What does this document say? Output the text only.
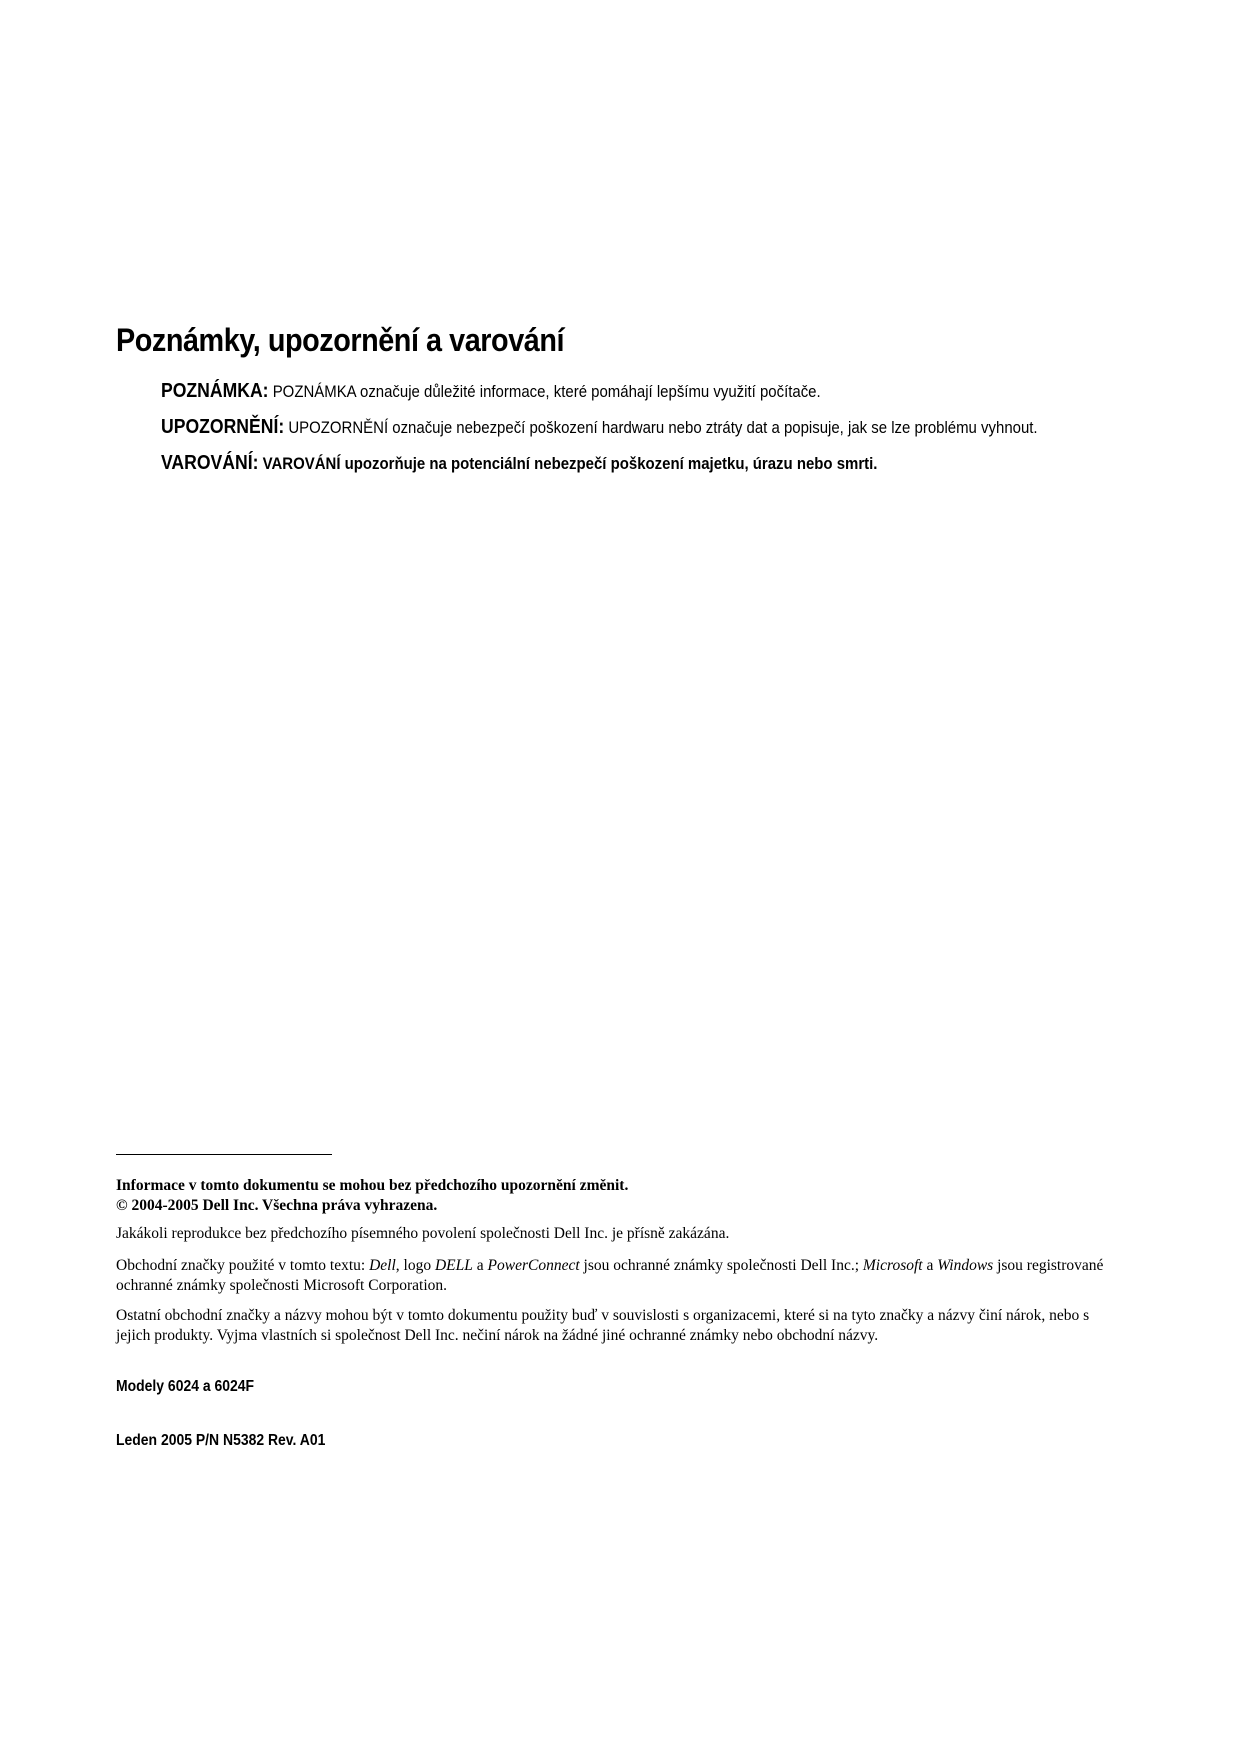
Poznámky, upozornění a varování
POZNÁMKA: POZNÁMKA označuje důležité informace, které pomáhají lepšímu využití počítače.
UPOZORNĚNÍ: UPOZORNĚNÍ označuje nebezpečí poškození hardwaru nebo ztráty dat a popisuje, jak se lze problému vyhnout.
VAROVÁNÍ: VAROVÁNÍ upozorňuje na potenciální nebezpečí poškození majetku, úrazu nebo smrti.

Informace v tomto dokumentu se mohou bez předchozího upozornění změnit.
© 2004-2005 Dell Inc. Všechna práva vyhrazena.

Jakákoli reprodukce bez předchozího písemného povolení společnosti Dell Inc. je přísně zakázána.

Obchodní značky použité v tomto textu: Dell, logo DELL a PowerConnect jsou ochranné známky společnosti Dell Inc.; Microsoft a Windows jsou registrované ochranné známky společnosti Microsoft Corporation.

Ostatní obchodní značky a názvy mohou být v tomto dokumentu použity buď v souvislosti s organizacemi, které si na tyto značky a názvy činí nárok, nebo s jejich produkty. Vyjma vlastních si společnost Dell Inc. nečiní nárok na žádné jiné ochranné známky nebo obchodní názvy.

Modely 6024 a 6024F

Leden 2005 P/N N5382 Rev. A01
